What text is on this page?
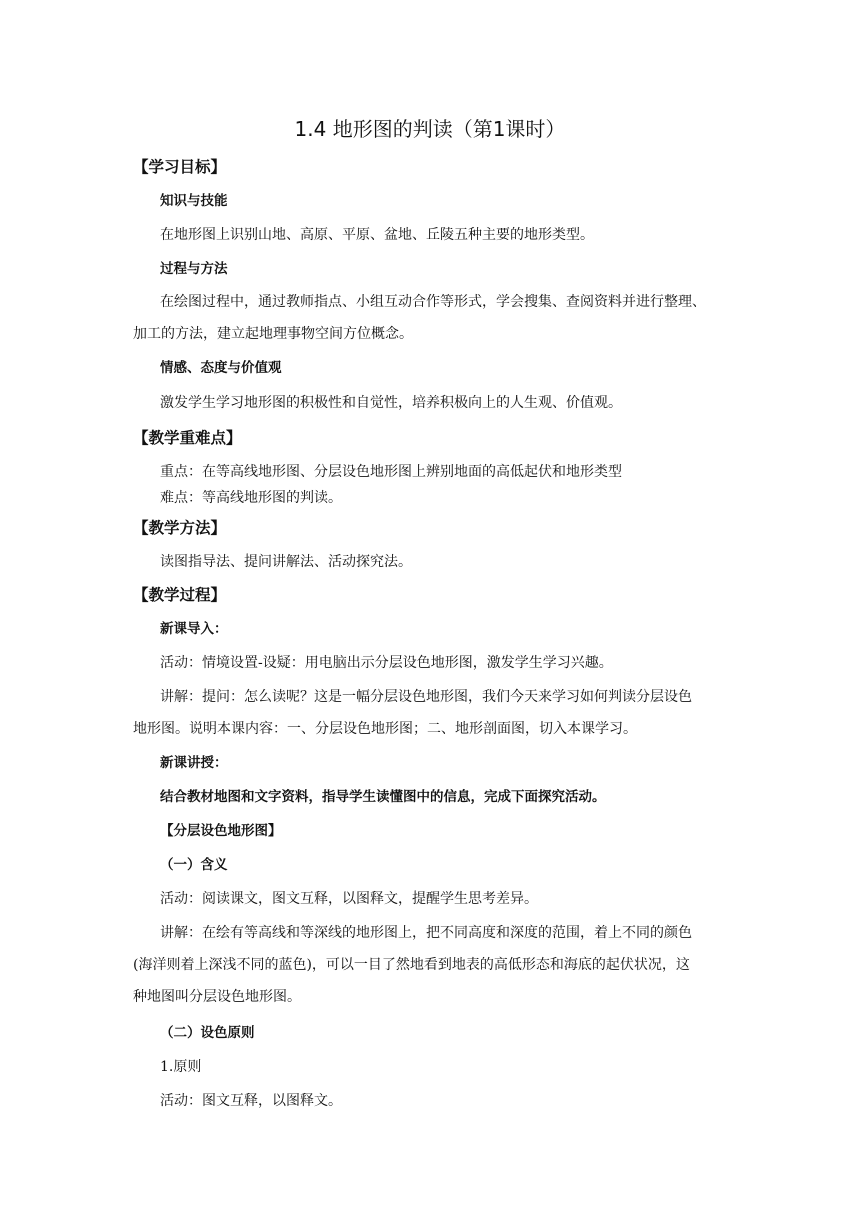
1.4 地形图的判读（第1课时）
【学习目标】
知识与技能
在地形图上识别山地、高原、平原、盆地、丘陵五种主要的地形类型。
过程与方法
在绘图过程中，通过教师指点、小组互动合作等形式，学会搜集、查阅资料并进行整理、
加工的方法，建立起地理事物空间方位概念。
情感、态度与价值观
激发学生学习地形图的积极性和自觉性，培养积极向上的人生观、价值观。
【教学重难点】
重点：在等高线地形图、分层设色地形图上辨别地面的高低起伏和地形类型
难点：等高线地形图的判读。
【教学方法】
读图指导法、提问讲解法、活动探究法。
【教学过程】
新课导入：
活动：情境设置-设疑：用电脑出示分层设色地形图，激发学生学习兴趣。
讲解：提问：怎么读呢？这是一幅分层设色地形图，我们今天来学习如何判读分层设色
地形图。说明本课内容：一、分层设色地形图；二、地形剖面图，切入本课学习。
新课讲授：
结合教材地图和文字资料，指导学生读懂图中的信息，完成下面探究活动。
【分层设色地形图】
（一）含义
活动：阅读课文，图文互释，以图释文，提醒学生思考差异。
讲解：在绘有等高线和等深线的地形图上，把不同高度和深度的范围，着上不同的颜色
(海洋则着上深浅不同的蓝色)，可以一目了然地看到地表的高低形态和海底的起伏状况，这
种地图叫分层设色地形图。
（二）设色原则
1.原则
活动：图文互释，以图释文。
